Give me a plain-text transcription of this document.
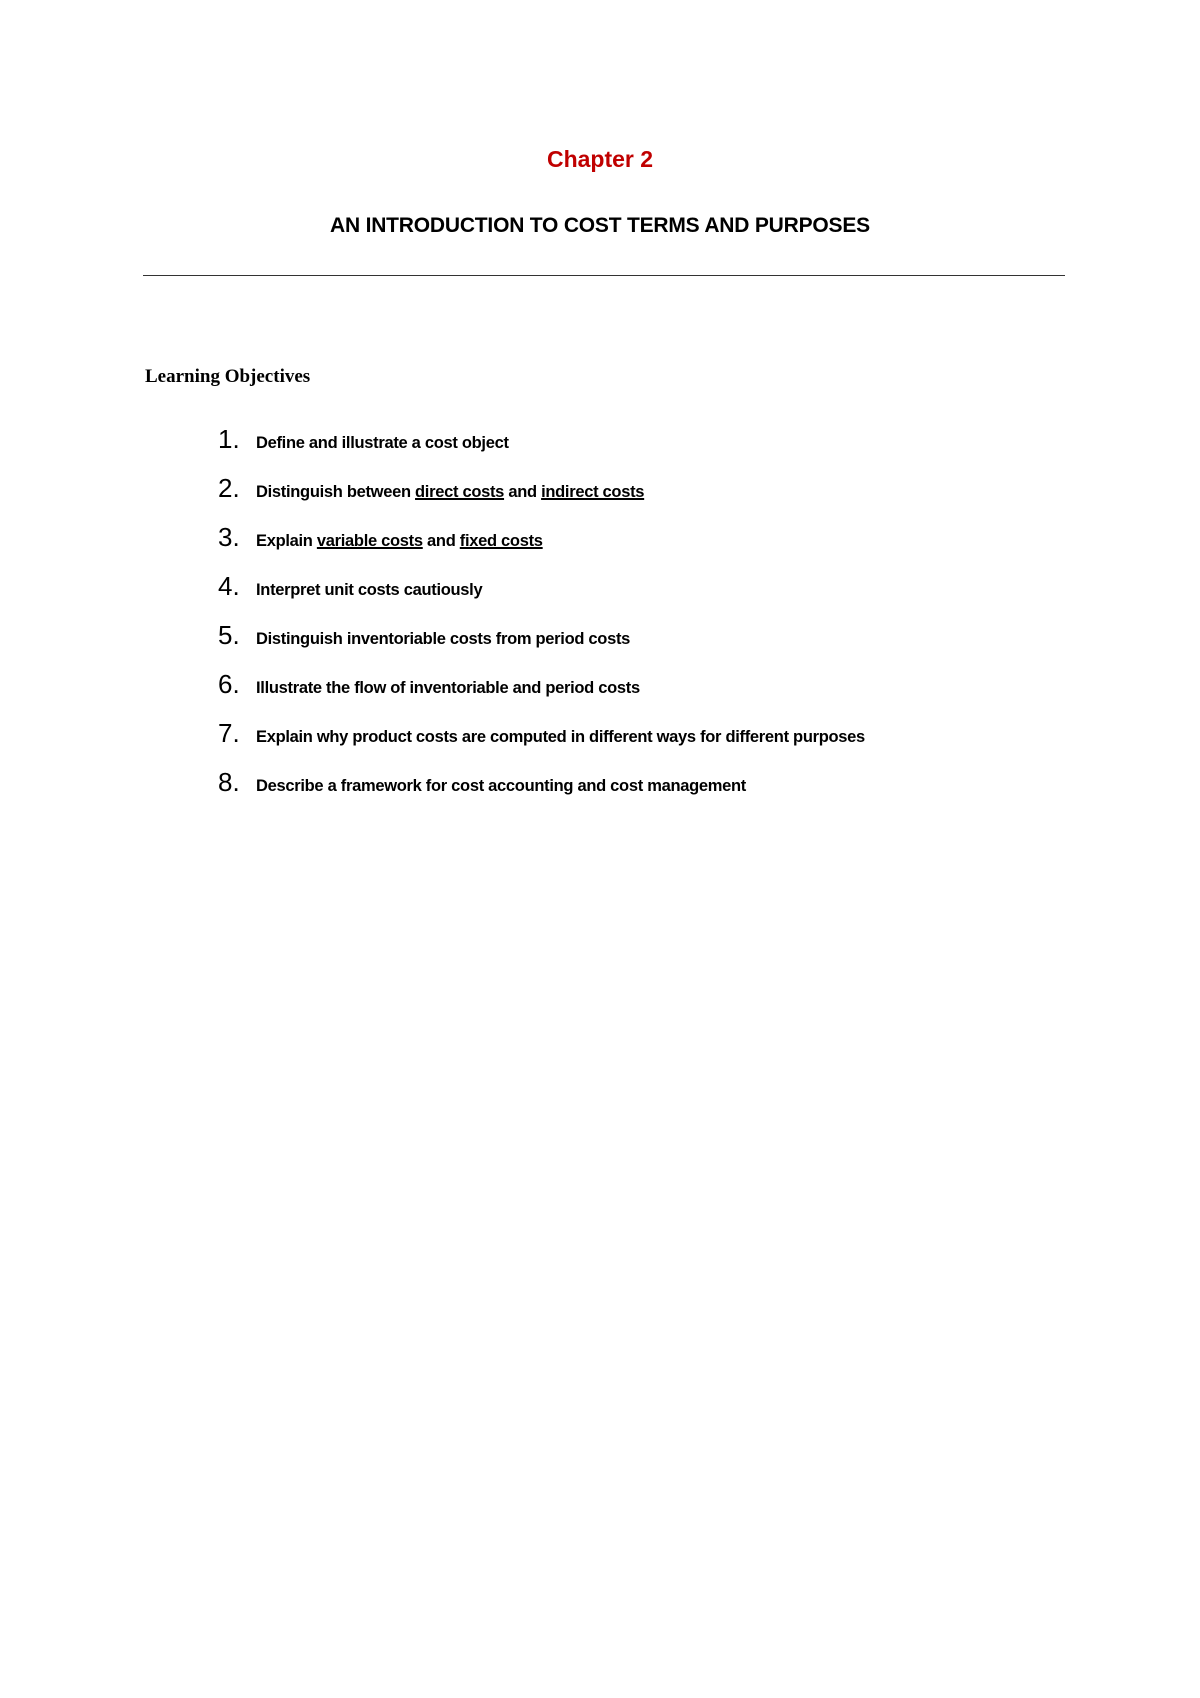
Chapter 2
AN INTRODUCTION TO COST TERMS AND PURPOSES
Learning Objectives
1. Define and illustrate a cost object
2. Distinguish between direct costs and indirect costs
3. Explain variable costs and fixed costs
4. Interpret unit costs cautiously
5. Distinguish inventoriable costs from period costs
6. Illustrate the flow of inventoriable and period costs
7. Explain why product costs are computed in different ways for different purposes
8. Describe a framework for cost accounting and cost management
